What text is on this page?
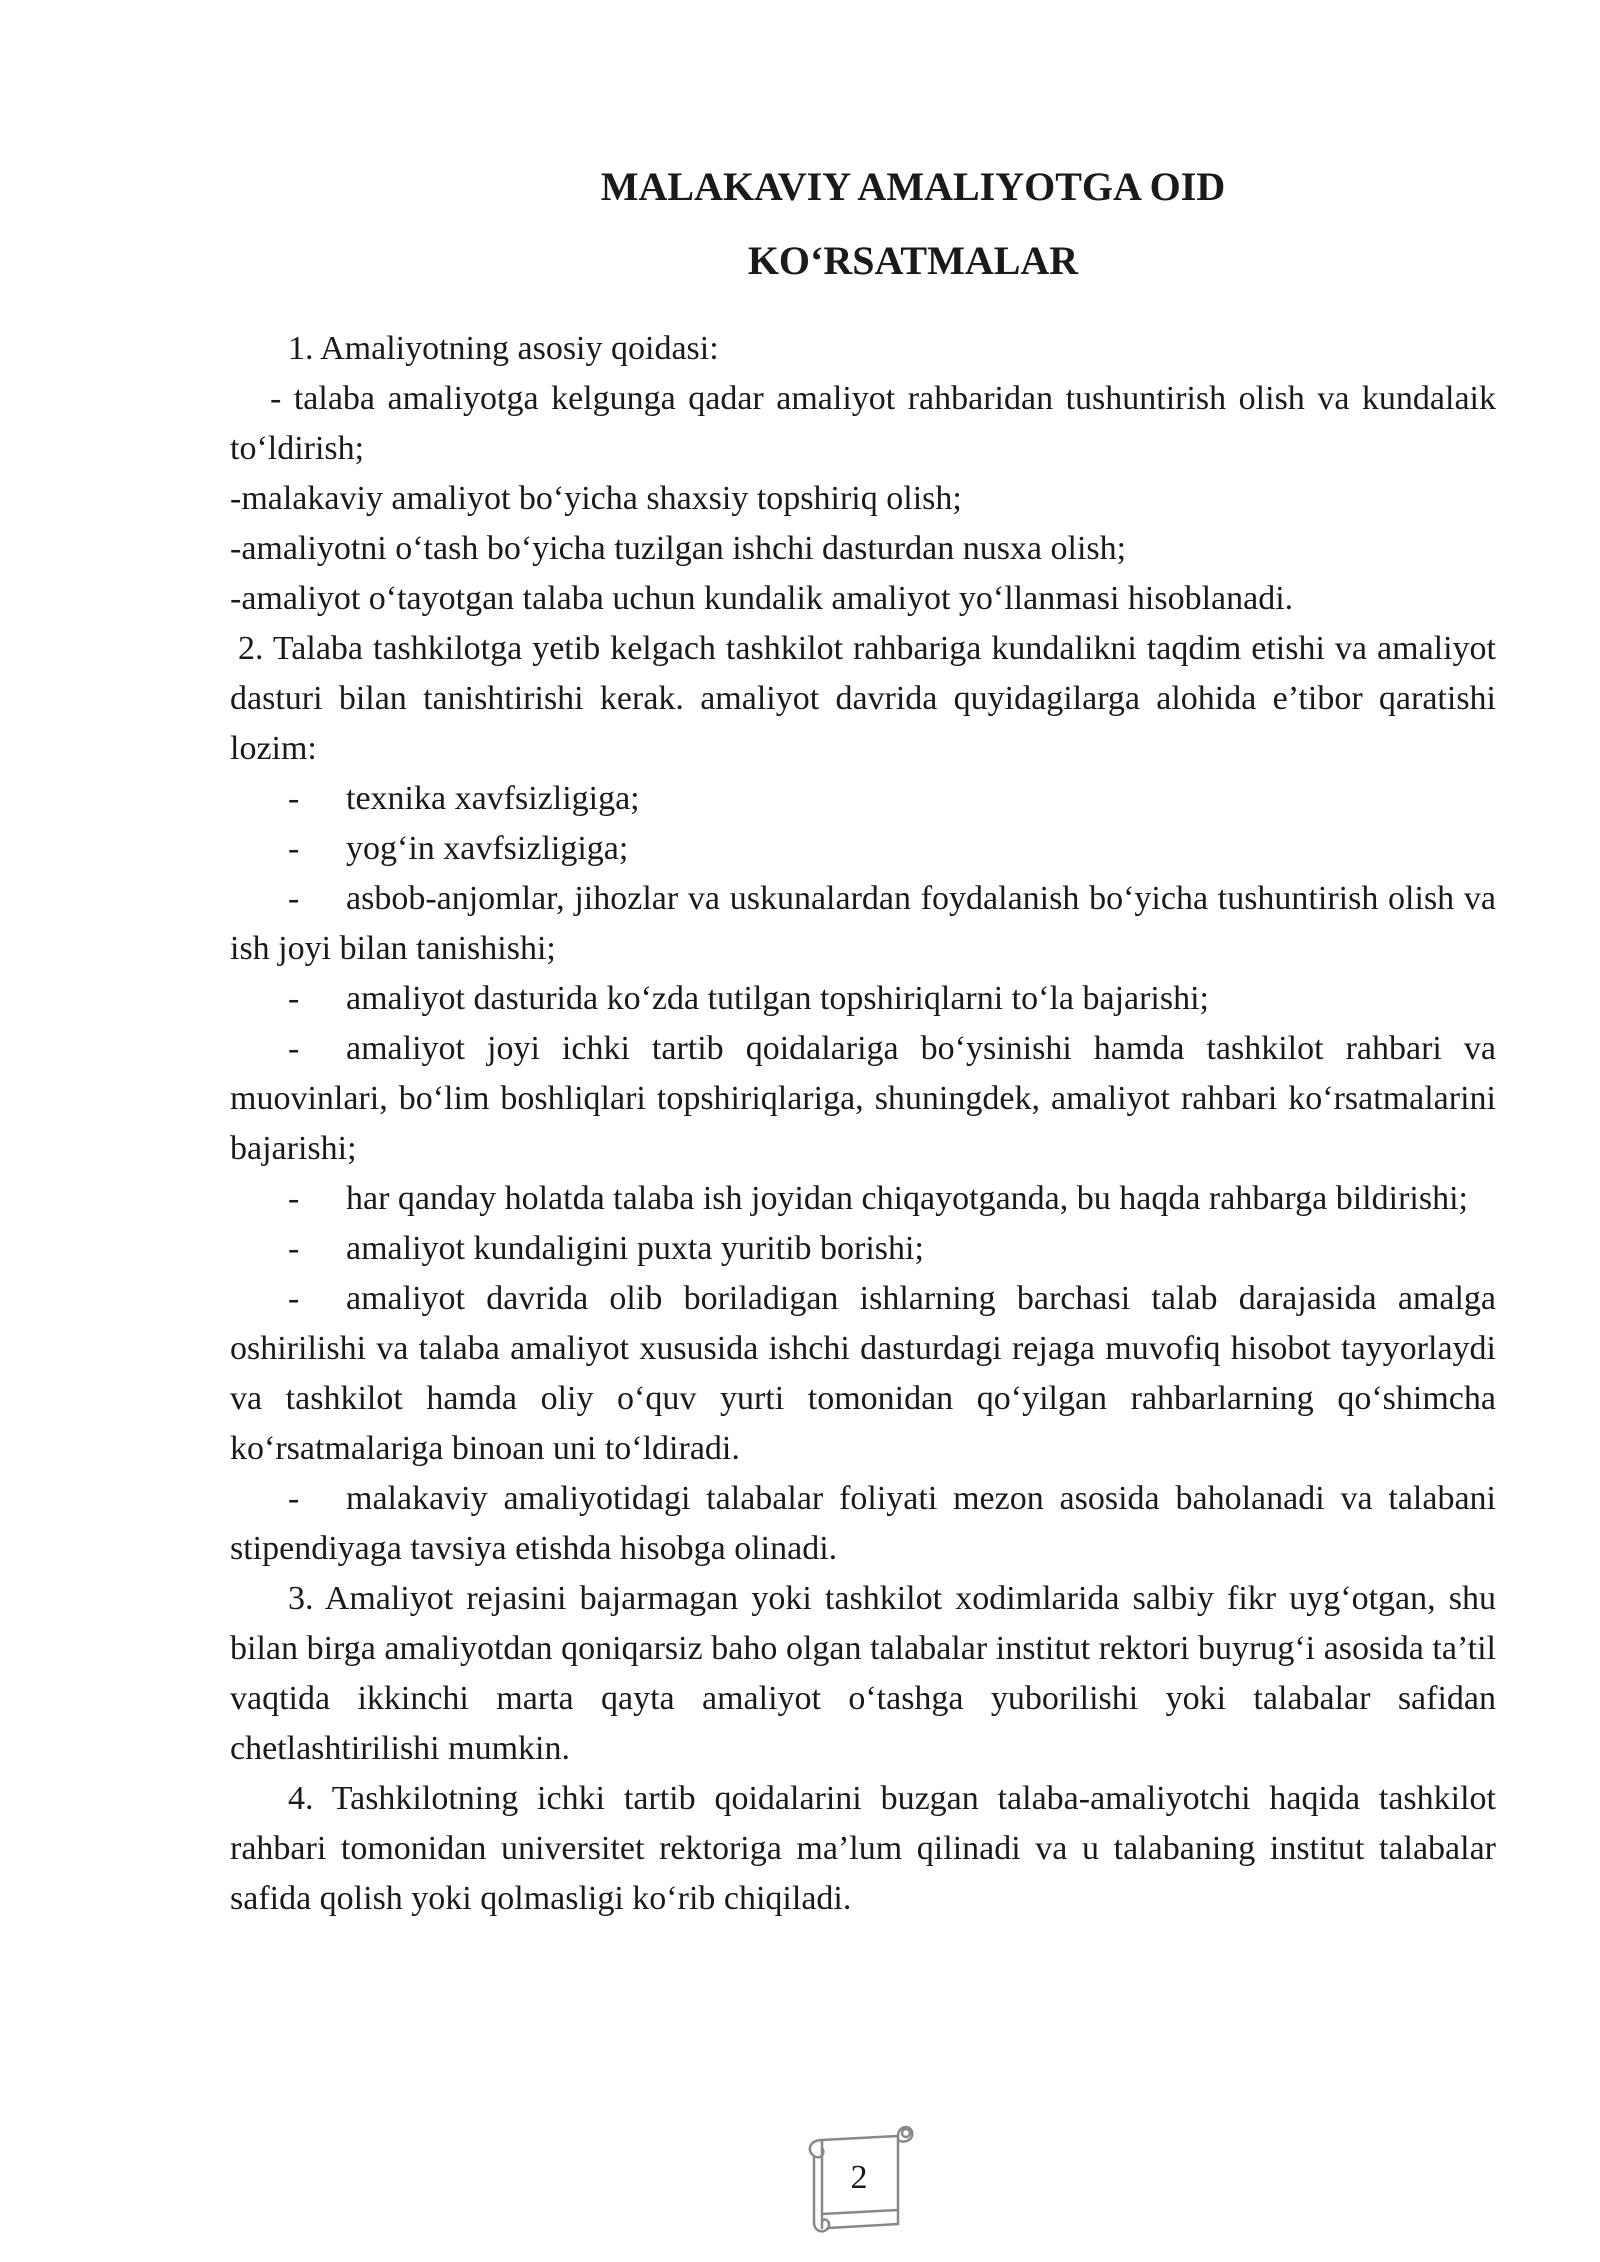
MALAKAVIY AMALIYOTGA OID
KO‘RSATMALAR

1. Amaliyotning asosiy qoidasi:

- talaba amaliyotga kelgunga qadar amaliyot rahbaridan tushuntirish olish va kundalaik to‘ldirish;

-malakaviy amaliyot bo‘yicha shaxsiy topshiriq olish;

-amaliyotni o‘tash bo‘yicha tuzilgan ishchi dasturdan nusxa olish;

-amaliyot o‘tayotgan talaba uchun kundalik amaliyot yo‘llanmasi hisoblanadi.

2. Talaba tashkilotga yetib kelgach tashkilot rahbariga kundalikni taqdim etishi va amaliyot dasturi bilan tanishtirishi kerak. amaliyot davrida quyidagilarga alohida e’tibor qaratishi lozim:

- texnika xavfsizligiga;

- yog‘in xavfsizligiga;

- asbob-anjomlar, jihozlar va uskunalardan foydalanish bo‘yicha tushuntirish olish va ish joyi bilan tanishishi;

- amaliyot dasturida ko‘zda tutilgan topshiriqlarni to‘la bajarishi;

- amaliyot joyi ichki tartib qoidalariga bo‘ysinishi hamda tashkilot rahbari va muovinlari, bo‘lim boshliqlari topshiriqlariga, shuningdek, amaliyot rahbari ko‘rsatmalarini bajarishi;

- har qanday holatda talaba ish joyidan chiqayotganda, bu haqda rahbarga bildirishi;

- amaliyot kundaligini puxta yuritib borishi;

- amaliyot davrida olib boriladigan ishlarning barchasi talab darajasida amalga oshirilishi va talaba amaliyot xususida ishchi dasturdagi rejaga muvofiq hisobot tayyorlaydi va tashkilot hamda oliy o‘quv yurti tomonidan qo‘yilgan rahbarlarning qo‘shimcha ko‘rsatmalariga binoan uni to‘ldiradi.

- malakaviy amaliyotidagi talabalar foliyati mezon asosida baholanadi va talabani stipendiyaga tavsiya etishda hisobga olinadi.

3. Amaliyot rejasini bajarmagan yoki tashkilot xodimlarida salbiy fikr uyg‘otgan, shu bilan birga amaliyotdan qoniqarsiz baho olgan talabalar institut rektori buyrug‘i asosida ta’til vaqtida ikkinchi marta qayta amaliyot o‘tashga yuborilishi yoki talabalar safidan chetlashtirilishi mumkin.

4. Tashkilotning ichki tartib qoidalarini buzgan talaba-amaliyotchi haqida tashkilot rahbari tomonidan universitet rektoriga ma’lum qilinadi va u talabaning institut talabalar safida qolish yoki qolmasligi ko‘rib chiqiladi.

2
